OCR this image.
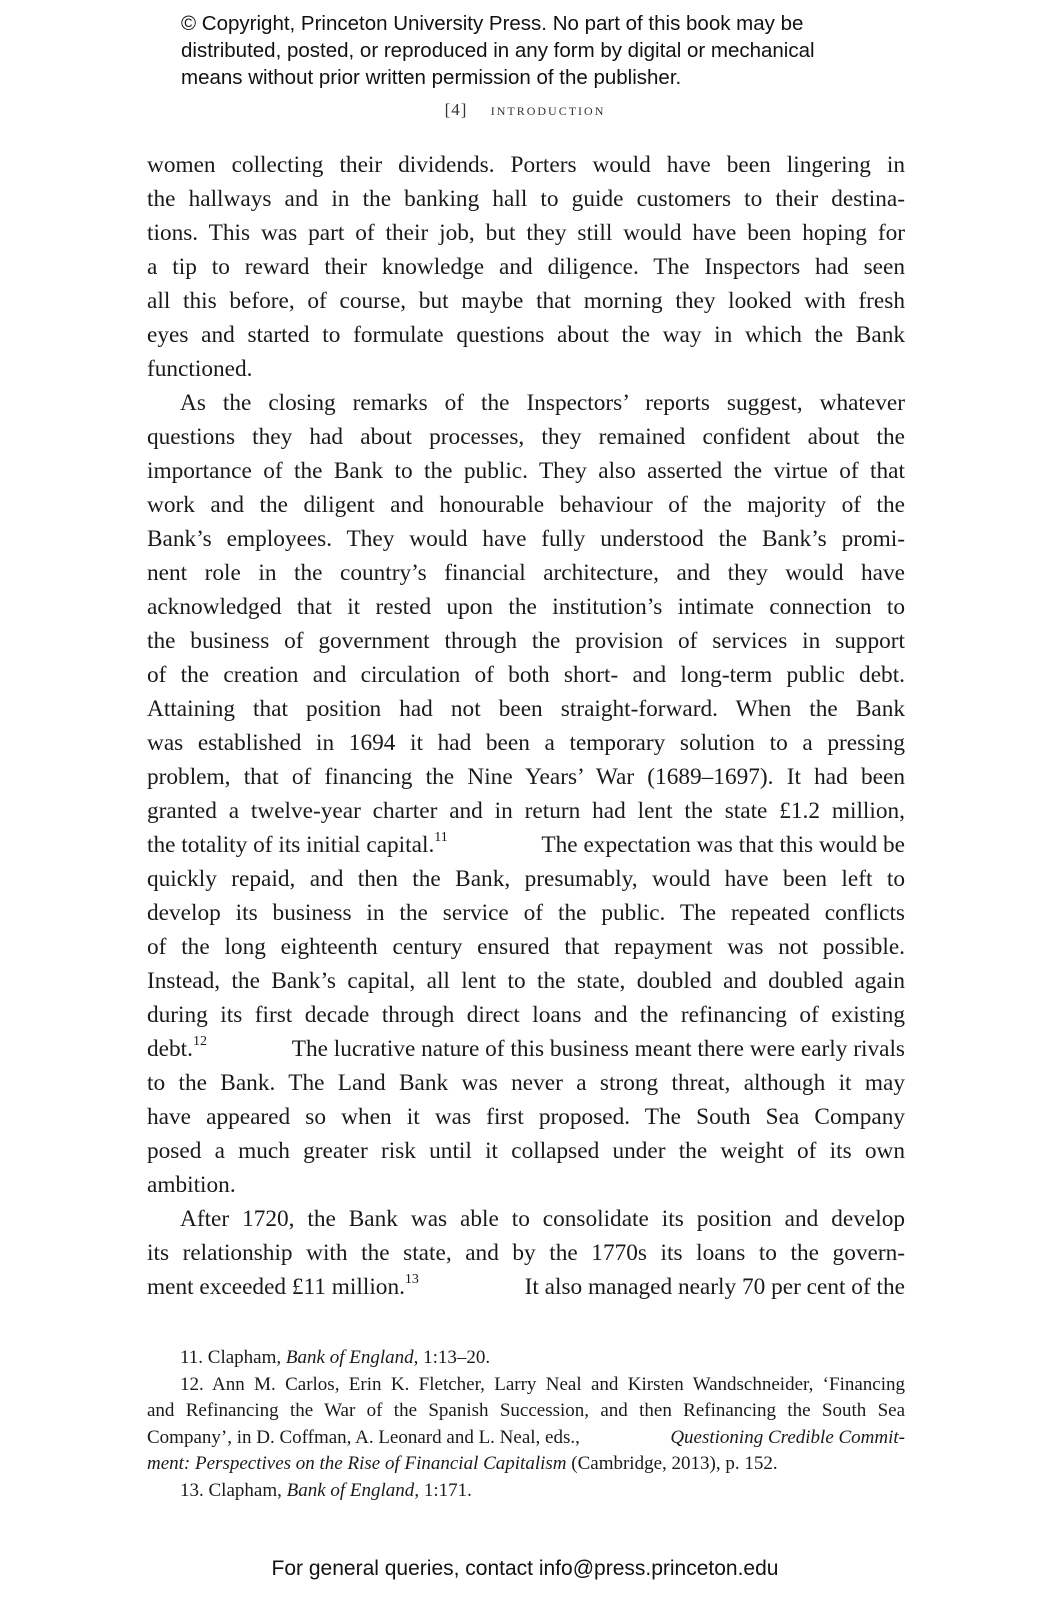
© Copyright, Princeton University Press. No part of this book may be
distributed, posted, or reproduced in any form by digital or mechanical
means without prior written permission of the publisher.
[4] introduction
women collecting their dividends. Porters would have been lingering in
the hallways and in the banking hall to guide customers to their destina-
tions. This was part of their job, but they still would have been hoping for
a tip to reward their knowledge and diligence. The Inspectors had seen
all this before, of course, but maybe that morning they looked with fresh
eyes and started to formulate questions about the way in which the Bank
functioned.
As the closing remarks of the Inspectors’ reports suggest, whatever
questions they had about processes, they remained confident about the
importance of the Bank to the public. They also asserted the virtue of that
work and the diligent and honourable behaviour of the majority of the
Bank’s employees. They would have fully understood the Bank’s promi-
nent role in the country’s financial architecture, and they would have
acknowledged that it rested upon the institution’s intimate connection to
the business of government through the provision of services in support
of the creation and circulation of both short- and long-term public debt.
Attaining that position had not been straight-forward. When the Bank
was established in 1694 it had been a temporary solution to a pressing
problem, that of financing the Nine Years’ War (1689–1697). It had been
granted a twelve-year charter and in return had lent the state £1.2 million,
the totality of its initial capital.$^{11}$	The expectation was that this would be
quickly repaid, and then the Bank, presumably, would have been left to
develop its business in the service of the public. The repeated conflicts
of the long eighteenth century ensured that repayment was not possible.
Instead, the Bank’s capital, all lent to the state, doubled and doubled again
during its first decade through direct loans and the refinancing of existing
debt.$^{12}$	The lucrative nature of this business meant there were early rivals
to the Bank. The Land Bank was never a strong threat, although it may
have appeared so when it was first proposed. The South Sea Company
posed a much greater risk until it collapsed under the weight of its own
ambition.
After 1720, the Bank was able to consolidate its position and develop
its relationship with the state, and by the 1770s its loans to the govern-
ment exceeded £11 million.$^{13}$	It also managed nearly 70 per cent of the
11. Clapham, Bank of England, 1:13–20.
12. Ann M. Carlos, Erin K. Fletcher, Larry Neal and Kirsten Wandschneider, ‘Financing
and Refinancing the War of the Spanish Succession, and then Refinancing the South Sea
Company’, in D. Coffman, A. Leonard and L. Neal, eds.,	Questioning Credible Commit-
ment: Perspectives on the Rise of Financial Capitalism (Cambridge, 2013), p. 152.
13. Clapham, Bank of England, 1:171.
For general queries, contact info@press.princeton.edu
